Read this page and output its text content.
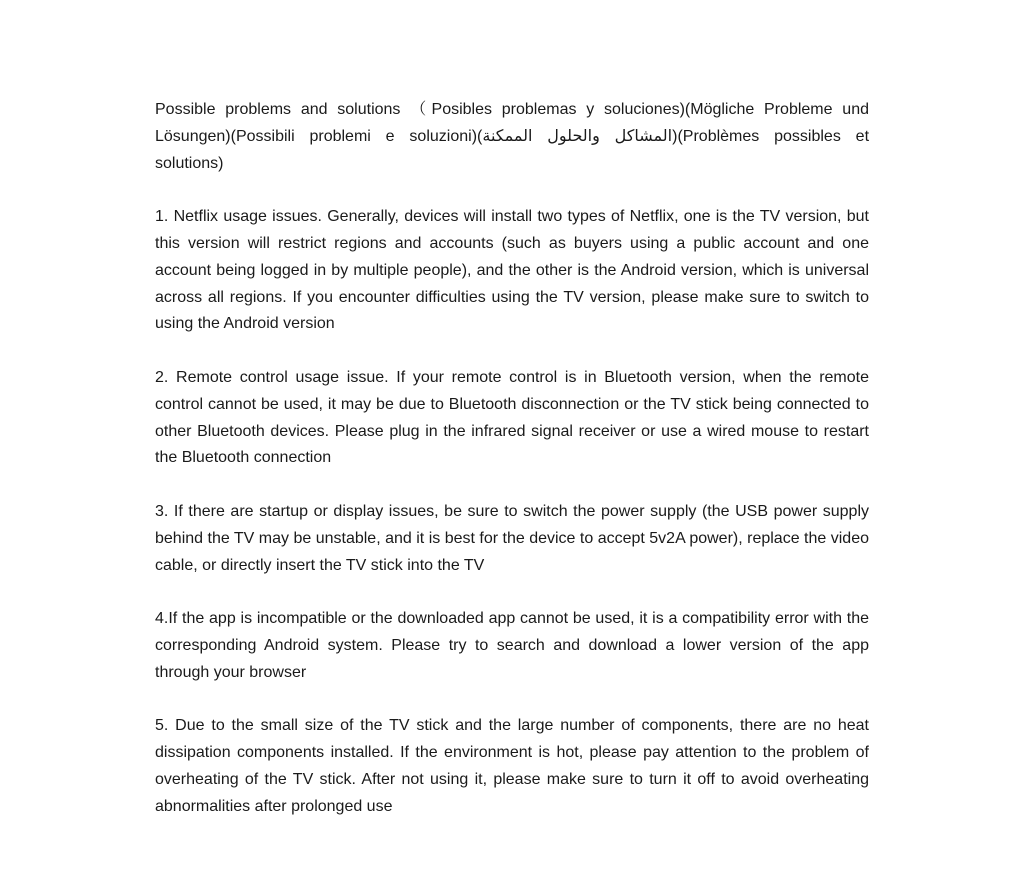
Possible problems and solutions （Posibles problemas y soluciones)(Mögliche Probleme und Lösungen)(Possibili problemi e soluzioni)(المشاكل والحلول الممكنة)(Problèmes possibles et solutions)

1. Netflix usage issues. Generally, devices will install two types of Netflix, one is the TV version, but this version will restrict regions and accounts (such as buyers using a public account and one account being logged in by multiple people), and the other is the Android version, which is universal across all regions. If you encounter difficulties using the TV version, please make sure to switch to using the Android version

2. Remote control usage issue. If your remote control is in Bluetooth version, when the remote control cannot be used, it may be due to Bluetooth disconnection or the TV stick being connected to other Bluetooth devices. Please plug in the infrared signal receiver or use a wired mouse to restart the Bluetooth connection

3. If there are startup or display issues, be sure to switch the power supply (the USB power supply behind the TV may be unstable, and it is best for the device to accept 5v2A power), replace the video cable, or directly insert the TV stick into the TV

4.If the app is incompatible or the downloaded app cannot be used, it is a compatibility error with the corresponding Android system. Please try to search and download a lower version of the app through your browser

5. Due to the small size of the TV stick and the large number of components, there are no heat dissipation components installed. If the environment is hot, please pay attention to the problem of overheating of the TV stick. After not using it, please make sure to turn it off to avoid overheating abnormalities after prolonged use
